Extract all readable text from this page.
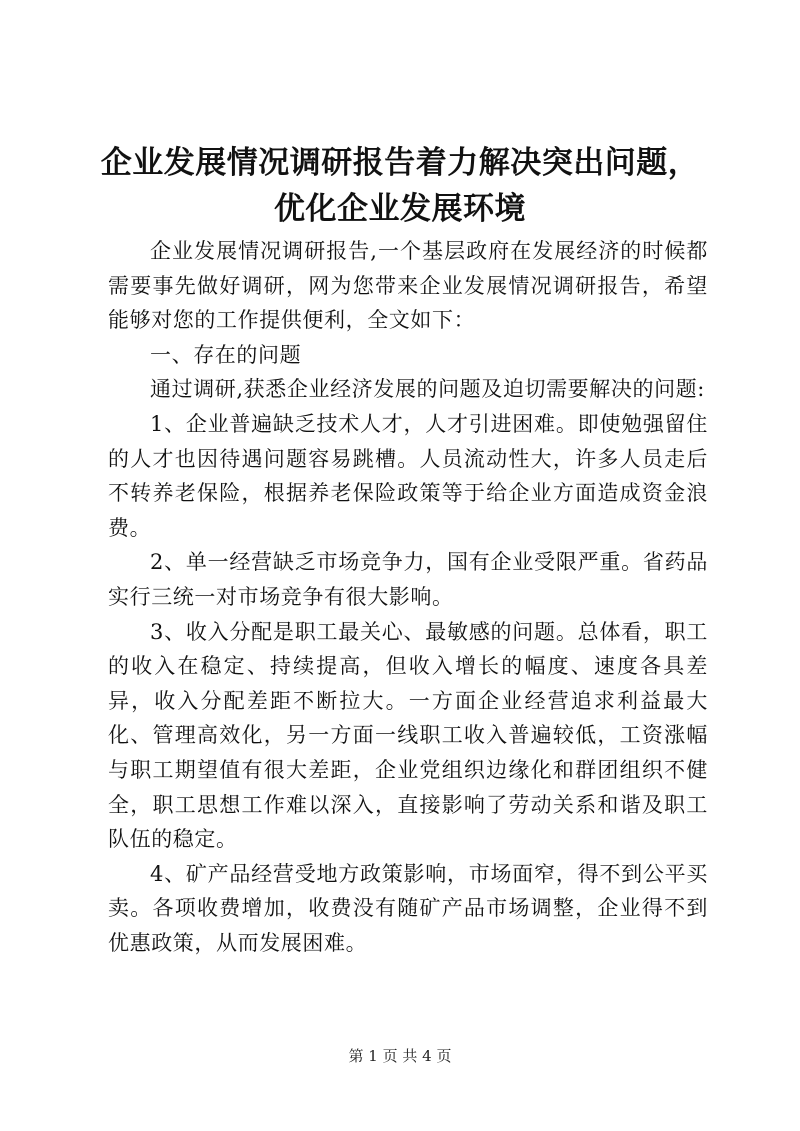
企业发展情况调研报告着力解决突出问题，优化企业发展环境

企业发展情况调研报告,一个基层政府在发展经济的时候都需要事先做好调研，网为您带来企业发展情况调研报告，希望能够对您的工作提供便利，全文如下：

一、存在的问题

通过调研,获悉企业经济发展的问题及迫切需要解决的问题:

1、企业普遍缺乏技术人才，人才引进困难。即使勉强留住的人才也因待遇问题容易跳槽。人员流动性大，许多人员走后不转养老保险，根据养老保险政策等于给企业方面造成资金浪费。

2、单一经营缺乏市场竞争力，国有企业受限严重。省药品实行三统一对市场竞争有很大影响。

3、收入分配是职工最关心、最敏感的问题。总体看，职工的收入在稳定、持续提高，但收入增长的幅度、速度各具差异，收入分配差距不断拉大。一方面企业经营追求利益最大化、管理高效化，另一方面一线职工收入普遍较低，工资涨幅与职工期望值有很大差距，企业党组织边缘化和群团组织不健全，职工思想工作难以深入，直接影响了劳动关系和谐及职工队伍的稳定。

4、矿产品经营受地方政策影响，市场面窄，得不到公平买卖。各项收费增加，收费没有随矿产品市场调整，企业得不到优惠政策，从而发展困难。

第 1 页 共 4 页
